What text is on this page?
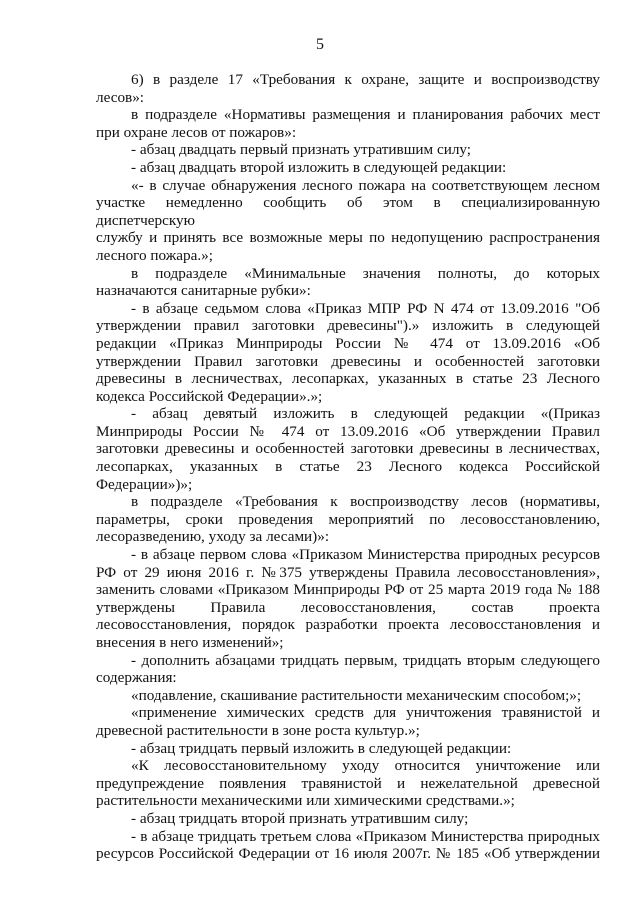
5

6) в разделе 17 «Требования к охране, защите и воспроизводству

лесов»:

в подразделе «Нормативы размещения и планирования рабочих мест

при охране лесов от пожаров»:

- абзац двадцать первый признать утратившим силу;

- абзац двадцать второй изложить в следующей редакции:

«- в случае обнаружения лесного пожара на соответствующем лесном

участке немедленно сообщить об этом в специализированную диспетчерскую

службу и принять все возможные меры по недопущению распространения

лесного пожара.»;

в подразделе «Минимальные значения полноты, до которых

назначаются санитарные рубки»:

- в абзаце седьмом слова «Приказ МПР РФ N 474 от 13.09.2016 "Об

утверждении правил заготовки древесины").» изложить в следующей

редакции «Приказ Минприроды России № 474 от 13.09.2016 «Об

утверждении Правил заготовки древесины и особенностей заготовки

древесины в лесничествах, лесопарках, указанных в статье 23 Лесного

кодекса Российской Федерации».»;

- абзац девятый изложить в следующей редакции «(Приказ

Минприроды России № 474 от 13.09.2016 «Об утверждении Правил

заготовки древесины и особенностей заготовки древесины в лесничествах,

лесопарках, указанных в статье 23 Лесного кодекса Российской

Федерации»)»;

в подразделе «Требования к воспроизводству лесов (нормативы,

параметры, сроки проведения мероприятий по лесовосстановлению,

лесоразведению, уходу за лесами)»:

- в абзаце первом слова «Приказом Министерства природных ресурсов

РФ от 29 июня 2016 г. №375 утверждены Правила лесовосстановления»,

заменить словами «Приказом Минприроды РФ от 25 марта 2019 года № 188

утверждены Правила лесовосстановления, состав проекта

лесовосстановления, порядок разработки проекта лесовосстановления и

внесения в него изменений»;

- дополнить абзацами тридцать первым, тридцать вторым следующего

содержания:

«подавление, скашивание растительности механическим способом;»;

«применение химических средств для уничтожения травянистой и

древесной растительности в зоне роста культур.»;

- абзац тридцать первый изложить в следующей редакции:

«К лесовосстановительному уходу относится уничтожение или

предупреждение появления травянистой и нежелательной древесной

растительности механическими или химическими средствами.»;

- абзац тридцать второй признать утратившим силу;

- в абзаце тридцать третьем слова «Приказом Министерства природных

ресурсов Российской Федерации от 16 июля 2007г. № 185 «Об утверждении
